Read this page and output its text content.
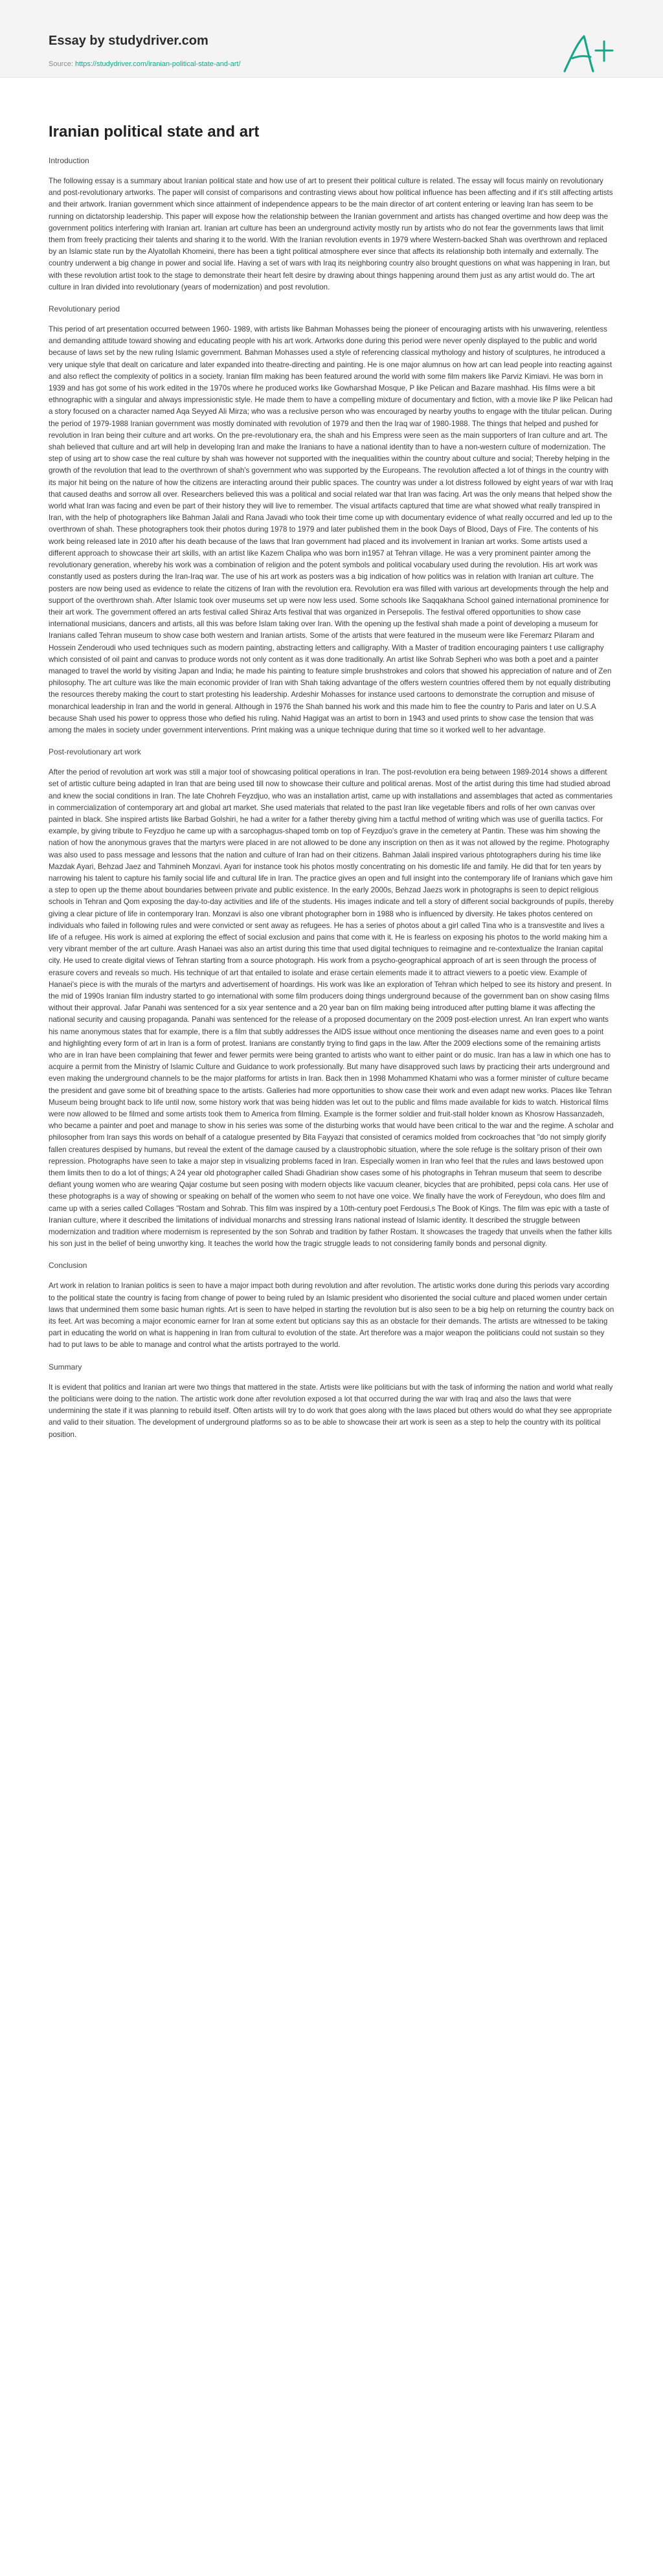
Essay by studydriver.com
Source: https://studydriver.com/iranian-political-state-and-art/
Iranian political state and art
Introduction

The following essay is a summary about Iranian political state and how use of art to present their political culture is related. The essay will focus mainly on revolutionary and post-revolutionary artworks. The paper will consist of comparisons and contrasting views about how political influence has been affecting and if it's still affecting artists and their artwork. Iranian government which since attainment of independence appears to be the main director of art content entering or leaving Iran has seem to be running on dictatorship leadership. This paper will expose how the relationship between the Iranian government and artists has changed overtime and how deep was the government politics interfering with Iranian art. Iranian art culture has been an underground activity mostly run by artists who do not fear the governments laws that limit them from freely practicing their talents and sharing it to the world. With the Iranian revolution events in 1979 where Western-backed Shah was overthrown and replaced by an Islamic state run by the Alyatollah Khomeini, there has been a tight political atmosphere ever since that affects its relationship both internally and externally. The country underwent a big change in power and social life. Having a set of wars with Iraq its neighboring country also brought questions on what was happening in Iran, but with these revolution artist took to the stage to demonstrate their heart felt desire by drawing about things happening around them just as any artist would do. The art culture in Iran divided into revolutionary (years of modernization) and post revolution.

Revolutionary period

This period of art presentation occurred between 1960- 1989, with artists like Bahman Mohasses being the pioneer of encouraging artists with his unwavering, relentless and demanding attitude toward showing and educating people with his art work. Artworks done during this period were never openly displayed to the public and world because of laws set by the new ruling Islamic government. Bahman Mohasses used a style of referencing classical mythology and history of sculptures, he introduced a very unique style that dealt on caricature and later expanded into theatre-directing and painting. He is one major alumnus on how art can lead people into reacting against and also reflect the complexity of politics in a society. Iranian film making has been featured around the world with some film makers like Parviz Kimiavi. He was born in 1939 and has got some of his work edited in the 1970s where he produced works like Gowharshad Mosque, P like Pelican and Bazare mashhad. His films were a bit ethnographic with a singular and always impressionistic style. He made them to have a compelling mixture of documentary and fiction, with a movie like P like Pelican had a story focused on a character named Aqa Seyyed Ali Mirza; who was a reclusive person who was encouraged by nearby youths to engage with the titular pelican. During the period of 1979-1988 Iranian government was mostly dominated with revolution of 1979 and then the Iraq war of 1980-1988. The things that helped and pushed for revolution in Iran being their culture and art works. On the pre-revolutionary era, the shah and his Empress were seen as the main supporters of Iran culture and art. The shah believed that culture and art will help in developing Iran and make the Iranians to have a national identity than to have a non-western culture of modernization. The step of using art to show case the real culture by shah was however not supported with the inequalities within the country about culture and social; Thereby helping in the growth of the revolution that lead to the overthrown of shah's government who was supported by the Europeans. The revolution affected a lot of things in the country with its major hit being on the nature of how the citizens are interacting around their public spaces. The country was under a lot distress followed by eight years of war with Iraq that caused deaths and sorrow all over. Researchers believed this was a political and social related war that Iran was facing. Art was the only means that helped show the world what Iran was facing and even be part of their history they will live to remember. The visual artifacts captured that time are what showed what really transpired in Iran, with the help of photographers like Bahman Jalali and Rana Javadi who took their time come up with documentary evidence of what really occurred and led up to the overthrown of shah. These photographers took their photos during 1978 to 1979 and later published them in the book Days of Blood, Days of Fire. The contents of his work being released late in 2010 after his death because of the laws that Iran government had placed and its involvement in Iranian art works. Some artists used a different approach to showcase their art skills, with an artist like Kazem Chalipa who was born in1957 at Tehran village. He was a very prominent painter among the revolutionary generation, whereby his work was a combination of religion and the potent symbols and political vocabulary used during the revolution. His art work was constantly used as posters during the Iran-Iraq war. The use of his art work as posters was a big indication of how politics was in relation with Iranian art culture. The posters are now being used as evidence to relate the citizens of Iran with the revolution era. Revolution era was filled with various art developments through the help and support of the overthrown shah. After Islamic took over museums set up were now less used. Some schools like Saqqakhana School gained international prominence for their art work. The government offered an arts festival called Shiraz Arts festival that was organized in Persepolis. The festival offered opportunities to show case international musicians, dancers and artists, all this was before Islam taking over Iran. With the opening up the festival shah made a point of developing a museum for Iranians called Tehran museum to show case both western and Iranian artists. Some of the artists that were featured in the museum were like Feremarz Pilaram and Hossein Zenderoudi who used techniques such as modern painting, abstracting letters and calligraphy. With a Master of tradition encouraging painters t use calligraphy which consisted of oil paint and canvas to produce words not only content as it was done traditionally. An artist like Sohrab Sepheri who was both a poet and a painter managed to travel the world by visiting Japan and India; he made his painting to feature simple brushstrokes and colors that showed his appreciation of nature and of Zen philosophy. The art culture was like the main economic provider of Iran with Shah taking advantage of the offers western countries offered them by not equally distributing the resources thereby making the court to start protesting his leadership. Ardeshir Mohasses for instance used cartoons to demonstrate the corruption and misuse of monarchical leadership in Iran and the world in general. Although in 1976 the Shah banned his work and this made him to flee the country to Paris and later on U.S.A because Shah used his power to oppress those who defied his ruling. Nahid Hagigat was an artist to born in 1943 and used prints to show case the tension that was among the males in society under government interventions. Print making was a unique technique during that time so it worked well to her advantage.

Post-revolutionary art work

After the period of revolution art work was still a major tool of showcasing political operations in Iran. The post-revolution era being between 1989-2014 shows a different set of artistic culture being adapted in Iran that are being used till now to showcase their culture and political arenas. Most of the artist during this time had studied abroad and knew the social conditions in Iran. The late Chohreh Feyzdjuo, who was an installation artist, came up with installations and assemblages that acted as commentaries in commercialization of contemporary art and global art market. She used materials that related to the past Iran like vegetable fibers and rolls of her own canvas over painted in black. She inspired artists like Barbad Golshiri, he had a writer for a father thereby giving him a tactful method of writing which was use of guerilla tactics. For example, by giving tribute to Feyzdjuo he came up with a sarcophagus-shaped tomb on top of Feyzdjuo's grave in the cemetery at Pantin. These was him showing the nation of how the anonymous graves that the martyrs were placed in are not allowed to be done any inscription on then as it was not allowed by the regime. Photography was also used to pass message and lessons that the nation and culture of Iran had on their citizens. Bahman Jalali inspired various phtotographers during his time like Mazdak Ayari, Behzad Jaez and Tahmineh Monzavi. Ayari for instance took his photos mostly concentrating on his domestic life and family. He did that for ten years by narrowing his talent to capture his family social life and cultural life in Iran. The practice gives an open and full insight into the contemporary life of Iranians which gave him a step to open up the theme about boundaries between private and public existence. In the early 2000s, Behzad Jaezs work in photographs is seen to depict religious schools in Tehran and Qom exposing the day-to-day activities and life of the students. His images indicate and tell a story of different social backgrounds of pupils, thereby giving a clear picture of life in contemporary Iran. Monzavi is also one vibrant photographer born in 1988 who is influenced by diversity. He takes photos centered on individuals who failed in following rules and were convicted or sent away as refugees. He has a series of photos about a girl called Tina who is a transvestite and lives a life of a refugee. His work is aimed at exploring the effect of social exclusion and pains that come with it. He is fearless on exposing his photos to the world making him a very vibrant member of the art culture. Arash Hanaei was also an artist during this time that used digital techniques to reimagine and re-contextualize the Iranian capital city. He used to create digital views of Tehran starting from a source photograph. His work from a psycho-geographical approach of art is seen through the process of erasure covers and reveals so much. His technique of art that entailed to isolate and erase certain elements made it to attract viewers to a poetic view. Example of Hanaei's piece is with the murals of the martyrs and advertisement of hoardings. His work was like an exploration of Tehran which helped to see its history and present. In the mid of 1990s Iranian film industry started to go international with some film producers doing things underground because of the government ban on show casing films without their approval. Jafar Panahi was sentenced for a six year sentence and a 20 year ban on film making being introduced after putting blame it was affecting the national security and causing propaganda. Panahi was sentenced for the release of a proposed documentary on the 2009 post-election unrest. An Iran expert who wants his name anonymous states that for example, there is a film that subtly addresses the AIDS issue without once mentioning the diseases name and even goes to a point and highlighting every form of art in Iran is a form of protest. Iranians are constantly trying to find gaps in the law. After the 2009 elections some of the remaining artists who are in Iran have been complaining that fewer and fewer permits were being granted to artists who want to either paint or do music. Iran has a law in which one has to acquire a permit from the Ministry of Islamic Culture and Guidance to work professionally. But many have disapproved such laws by practicing their arts underground and even making the underground channels to be the major platforms for artists in Iran. Back then in 1998 Mohammed Khatami who was a former minister of culture became the president and gave some bit of breathing space to the artists. Galleries had more opportunities to show case their work and even adapt new works. Places like Tehran Museum being brought back to life until now, some history work that was being hidden was let out to the public and films made available for kids to watch. Historical films were now allowed to be filmed and some artists took them to America from filming. Example is the former soldier and fruit-stall holder known as Khosrow Hassanzadeh, who became a painter and poet and manage to show in his series was some of the disturbing works that would have been critical to the war and the regime. A scholar and philosopher from Iran says this words on behalf of a catalogue presented by Bita Fayyazi that consisted of ceramics molded from cockroaches that "do not simply glorify fallen creatures despised by humans, but reveal the extent of the damage caused by a claustrophobic situation, where the sole refuge is the solitary prison of their own repression. Photographs have seen to take a major step in visualizing problems faced in Iran. Especially women in Iran who feel that the rules and laws bestowed upon them limits then to do a lot of things; A 24 year old photographer called Shadi Ghadirian show cases some of his photographs in Tehran museum that seem to describe defiant young women who are wearing Qajar costume but seen posing with modern objects like vacuum cleaner, bicycles that are prohibited, pepsi cola cans. Her use of these photographs is a way of showing or speaking on behalf of the women who seem to not have one voice. We finally have the work of Fereydoun, who does film and came up with a series called Collages "Rostam and Sohrab. This film was inspired by a 10th-century poet Ferdousi,s The Book of Kings. The film was epic with a taste of Iranian culture, where it described the limitations of individual monarchs and stressing Irans national instead of Islamic identity. It described the struggle between modernization and tradition where modernism is represented by the son Sohrab and tradition by father Rostam. It showcases the tragedy that unveils when the father kills his son just in the belief of being unworthy king. It teaches the world how the tragic struggle leads to not considering family bonds and personal dignity.

Conclusion

Art work in relation to Iranian politics is seen to have a major impact both during revolution and after revolution. The artistic works done during this periods vary according to the political state the country is facing from change of power to being ruled by an Islamic president who disoriented the social culture and placed women under certain laws that undermined them some basic human rights. Art is seen to have helped in starting the revolution but is also seen to be a big help on returning the country back on its feet. Art was becoming a major economic earner for Iran at some extent but opticians say this as an obstacle for their demands. The artists are witnessed to be taking part in educating the world on what is happening in Iran from cultural to evolution of the state. Art therefore was a major weapon the politicians could not sustain so they had to put laws to be able to manage and control what the artists portrayed to the world.

Summary

It is evident that politics and Iranian art were two things that mattered in the state. Artists were like politicians but with the task of informing the nation and world what really the politicians were doing to the nation. The artistic work done after revolution exposed a lot that occurred during the war with Iraq and also the laws that were undermining the state if it was planning to rebuild itself. Often artists will try to do work that goes along with the laws placed but others would do what they see appropriate and valid to their situation. The development of underground platforms so as to be able to showcase their art work is seen as a step to help the country with its political position.
